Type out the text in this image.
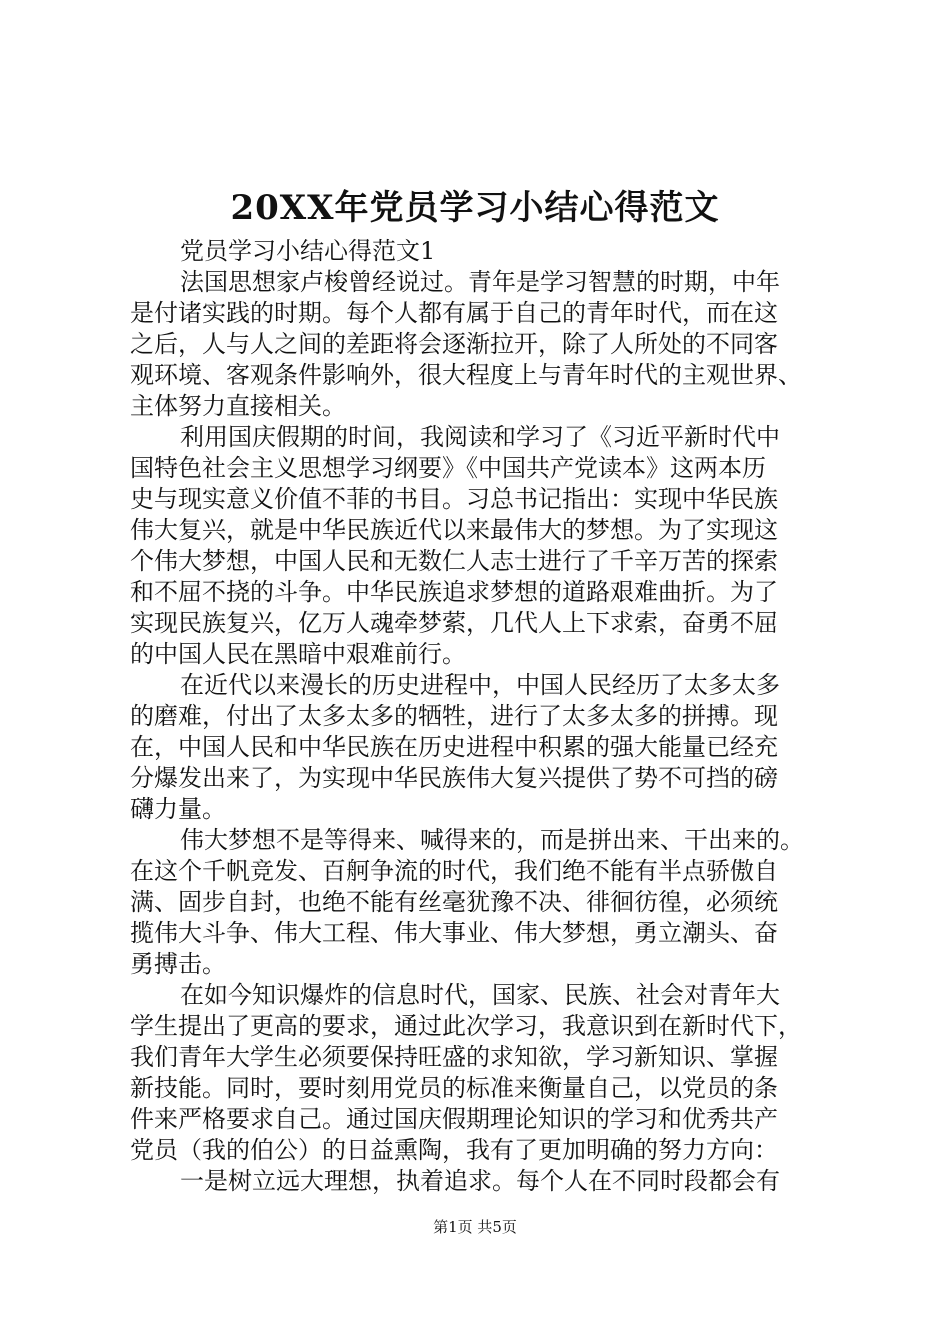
20XX年党员学习小结心得范文
党员学习小结心得范文1
法国思想家卢梭曾经说过。青年是学习智慧的时期，中年
是付诸实践的时期。每个人都有属于自己的青年时代，而在这
之后，人与人之间的差距将会逐渐拉开，除了人所处的不同客
观环境、客观条件影响外，很大程度上与青年时代的主观世界、
主体努力直接相关。
利用国庆假期的时间，我阅读和学习了《习近平新时代中
国特色社会主义思想学习纲要》《中国共产党读本》这两本历
史与现实意义价值不菲的书目。习总书记指出：实现中华民族
伟大复兴，就是中华民族近代以来最伟大的梦想。为了实现这
个伟大梦想，中国人民和无数仁人志士进行了千辛万苦的探索
和不屈不挠的斗争。中华民族追求梦想的道路艰难曲折。为了
实现民族复兴，亿万人魂牵梦萦，几代人上下求索，奋勇不屈
的中国人民在黑暗中艰难前行。
在近代以来漫长的历史进程中，中国人民经历了太多太多
的磨难，付出了太多太多的牺牲，进行了太多太多的拼搏。现
在，中国人民和中华民族在历史进程中积累的强大能量已经充
分爆发出来了，为实现中华民族伟大复兴提供了势不可挡的磅
礴力量。
伟大梦想不是等得来、喊得来的，而是拼出来、干出来的。
在这个千帆竞发、百舸争流的时代，我们绝不能有半点骄傲自
满、固步自封，也绝不能有丝毫犹豫不决、徘徊彷徨，必须统
揽伟大斗争、伟大工程、伟大事业、伟大梦想，勇立潮头、奋
勇搏击。
在如今知识爆炸的信息时代，国家、民族、社会对青年大
学生提出了更高的要求，通过此次学习，我意识到在新时代下，
我们青年大学生必须要保持旺盛的求知欲，学习新知识、掌握
新技能。同时，要时刻用党员的标准来衡量自己，以党员的条
件来严格要求自己。通过国庆假期理论知识的学习和优秀共产
党员（我的伯公）的日益熏陶，我有了更加明确的努力方向：
一是树立远大理想，执着追求。每个人在不同时段都会有
第1页 共5页
